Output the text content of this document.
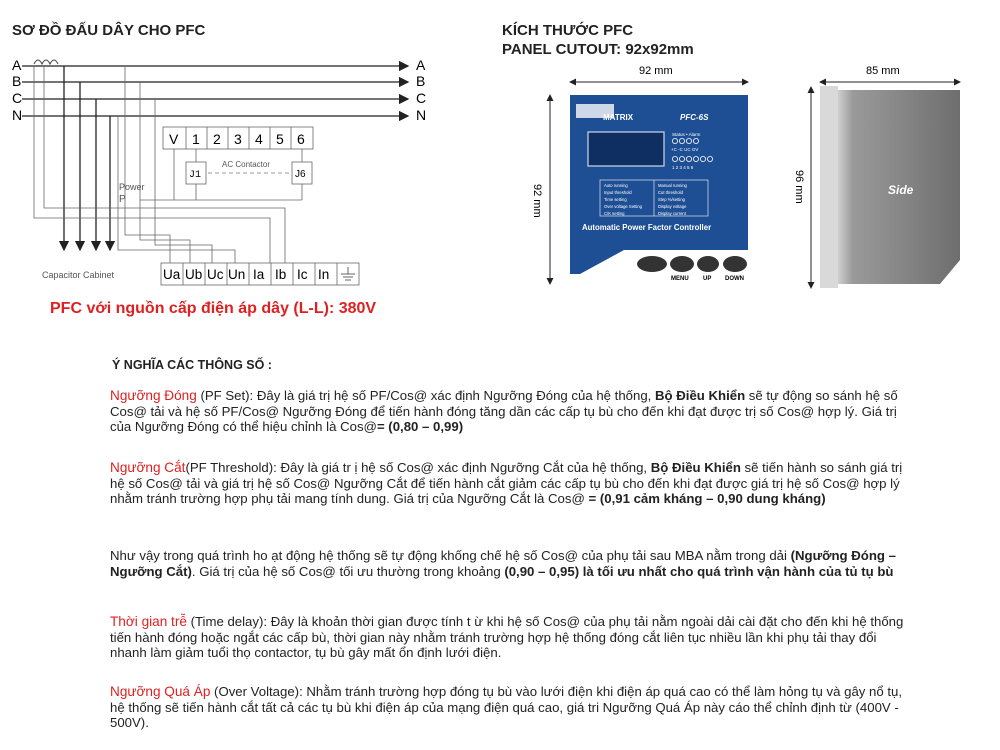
SƠ ĐỒ ĐẤU DÂY CHO PFC
A
B
C
N
A
B
C
N
V 1 2 3 4 5 6
J1	J6
AC Contactor
Power
P
Capacitor Cabinet	Ua Ub Uc Un Ia Ib Ic In
PFC với nguồn cấp điện áp dây (L-L): 380V
KÍCH THƯỚC PFC
PANEL CUTOUT: 92x92mm
92 mm
92 mm
MATRIX	PFC-6S
Status • Alarm
+C -C UC OV
1 2 3 4 5 6
Auto running
Input threshold
Time setting
Over voltage Setting
C/K setting
Manual running
Cut threshold
Step %/setting
Display voltage
Display current
Automatic Power Factor Controller
MENU UP DOWN
85 mm
96 mm	Side
Ý NGHĨA CÁC THÔNG SỐ :

Ngưỡng Đóng (PF Set): Đây là giá trị hệ số PF/Cos@ xác định Ngưỡng Đóng của hệ thống, Bộ Điều Khiển sẽ tự động so sánh hệ số Cos@ tải và hệ số PF/Cos@ Ngưỡng Đóng để tiến hành đóng tăng dần các cấp tụ bù cho đến khi đạt được trị số Cos@ hợp lý. Giá trị của Ngưỡng Đóng có thể hiệu chỉnh là Cos@= (0,80 – 0,99)

Ngưỡng Cắt(PF Threshold): Đây là giá tr ị hệ số Cos@ xác định Ngưỡng Cắt của hệ thống, Bộ Điều Khiển sẽ tiến hành so sánh giá trị hệ số Cos@ tải và giá trị hệ số Cos@ Ngưỡng Cắt để tiến hành cắt giảm các cấp tụ bù cho đến khi đạt được giá trị hệ số Cos@ hợp lý nhằm tránh trường hợp phụ tải mang tính dung. Giá trị của Ngưỡng Cắt là Cos@ = (0,91 cảm kháng – 0,90 dung kháng)

Như vậy trong quá trình ho ạt động hệ thống sẽ tự động khống chế hệ số Cos@ của phụ tải sau MBA nằm trong dải (Ngưỡng Đóng – Ngưỡng Cắt). Giá trị của hệ số Cos@ tối ưu thường trong khoảng (0,90 – 0,95) là tối ưu nhất cho quá trình vận hành của tủ tụ bù

Thời gian trễ (Time delay): Đây là khoản thời gian được tính t ừ khi hệ số Cos@ của phụ tải nằm ngoài dải cài đặt cho đến khi hệ thống tiến hành đóng hoặc ngắt các cấp bù, thời gian này nhằm tránh trường hợp hệ thống đóng cắt liên tục nhiều lần khi phụ tải thay đổi nhanh làm giảm tuổi thọ contactor, tụ bù gây mất ổn định lưới điện.

Ngưỡng Quá Áp (Over Voltage): Nhằm tránh trường hợp đóng tụ bù vào lưới điện khi điện áp quá cao có thể làm hỏng tụ và gây nổ tụ, hệ thống sẽ tiến hành cắt tất cả các tụ bù khi điện áp của mạng điện quá cao, giá tri Ngưỡng Quá Áp này cáo thể chỉnh định từ (400V - 500V).
